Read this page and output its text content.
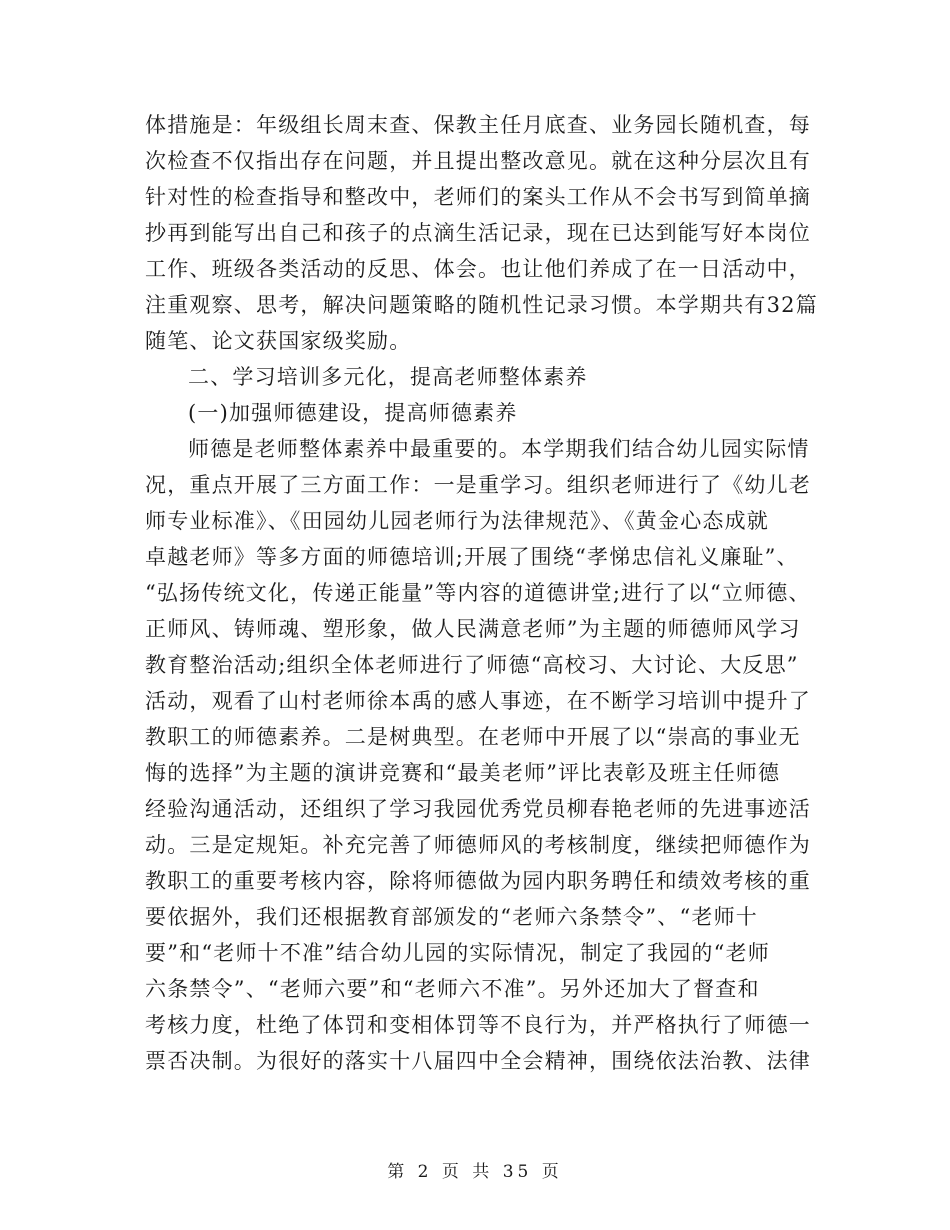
体措施是：年级组长周末查、保教主任月底查、业务园长随机查，每
次检查不仅指出存在问题，并且提出整改意见。就在这种分层次且有
针对性的检查指导和整改中，老师们的案头工作从不会书写到简单摘
抄再到能写出自己和孩子的点滴生活记录，现在已达到能写好本岗位
工作、班级各类活动的反思、体会。也让他们养成了在一日活动中，
注重观察、思考，解决问题策略的随机性记录习惯。本学期共有32篇
随笔、论文获国家级奖励。
二、学习培训多元化，提高老师整体素养
(一)加强师德建设，提高师德素养
师德是老师整体素养中最重要的。本学期我们结合幼儿园实际情
况，重点开展了三方面工作：一是重学习。组织老师进行了《幼儿老
师专业标准》、《田园幼儿园老师行为法律规范》、《黄金心态成就
卓越老师》等多方面的师德培训;开展了围绕“孝悌忠信礼义廉耻”、
“弘扬传统文化，传递正能量”等内容的道德讲堂;进行了以“立师德、
正师风、铸师魂、塑形象，做人民满意老师”为主题的师德师风学习
教育整治活动;组织全体老师进行了师德“高校习、大讨论、大反思”
活动，观看了山村老师徐本禹的感人事迹，在不断学习培训中提升了
教职工的师德素养。二是树典型。在老师中开展了以“崇高的事业无
悔的选择”为主题的演讲竞赛和“最美老师”评比表彰及班主任师德
经验沟通活动，还组织了学习我园优秀党员柳春艳老师的先进事迹活
动。三是定规矩。补充完善了师德师风的考核制度，继续把师德作为
教职工的重要考核内容，除将师德做为园内职务聘任和绩效考核的重
要依据外，我们还根据教育部颁发的“老师六条禁令”、“老师十
要”和“老师十不准”结合幼儿园的实际情况，制定了我园的“老师
六条禁令”、“老师六要”和“老师六不准”。另外还加大了督查和
考核力度，杜绝了体罚和变相体罚等不良行为，并严格执行了师德一
票否决制。为很好的落实十八届四中全会精神，围绕依法治教、法律
第 2 页 共 35 页
